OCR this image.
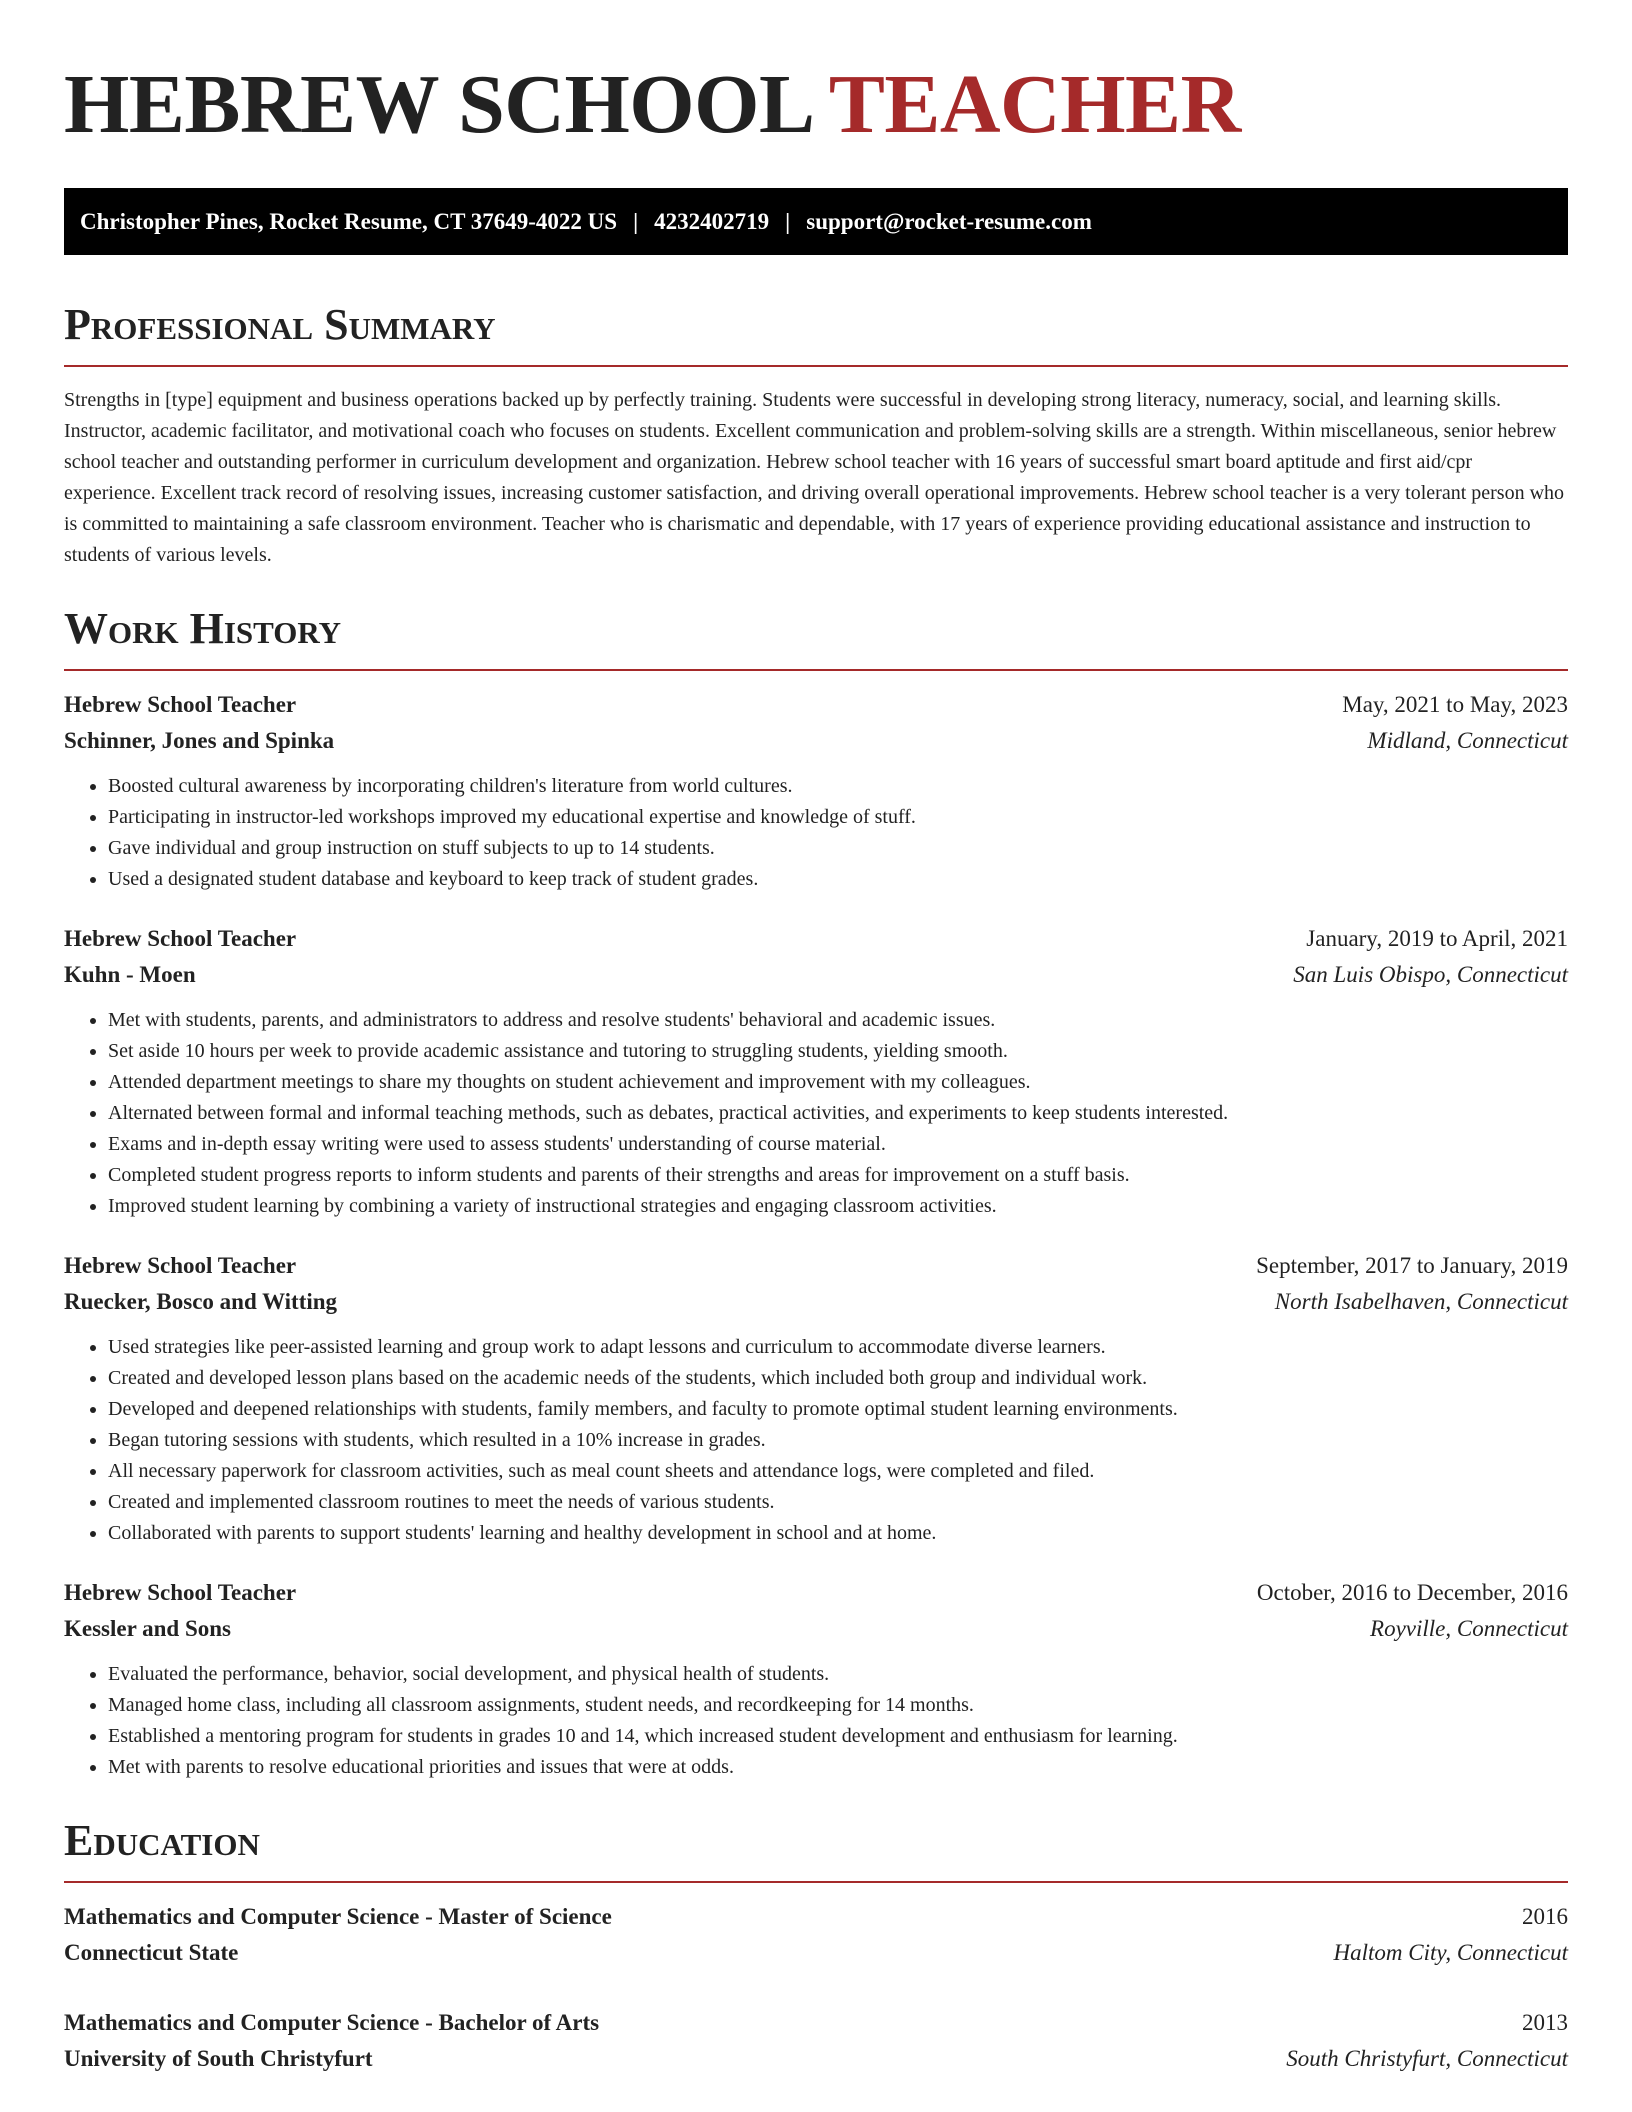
HEBREW SCHOOL TEACHER
Christopher Pines, Rocket Resume, CT 37649-4022 US | 4232402719 | support@rocket-resume.com
Professional Summary

Strengths in [type] equipment and business operations backed up by perfectly training. Students were successful in developing strong literacy, numeracy, social, and learning skills. Instructor, academic facilitator, and motivational coach who focuses on students. Excellent communication and problem-solving skills are a strength. Within miscellaneous, senior hebrew school teacher and outstanding performer in curriculum development and organization. Hebrew school teacher with 16 years of successful smart board aptitude and first aid/cpr experience. Excellent track record of resolving issues, increasing customer satisfaction, and driving overall operational improvements. Hebrew school teacher is a very tolerant person who is committed to maintaining a safe classroom environment. Teacher who is charismatic and dependable, with 17 years of experience providing educational assistance and instruction to students of various levels.

Work History
Hebrew School Teacher	May, 2021 to May, 2023
Schinner, Jones and Spinka	Midland, Connecticut
• Boosted cultural awareness by incorporating children's literature from world cultures.
• Participating in instructor-led workshops improved my educational expertise and knowledge of stuff.
• Gave individual and group instruction on stuff subjects to up to 14 students.
• Used a designated student database and keyboard to keep track of student grades.
Hebrew School Teacher	January, 2019 to April, 2021
Kuhn - Moen	San Luis Obispo, Connecticut
• Met with students, parents, and administrators to address and resolve students' behavioral and academic issues.
• Set aside 10 hours per week to provide academic assistance and tutoring to struggling students, yielding smooth.
• Attended department meetings to share my thoughts on student achievement and improvement with my colleagues.
• Alternated between formal and informal teaching methods, such as debates, practical activities, and experiments to keep students interested.
• Exams and in-depth essay writing were used to assess students' understanding of course material.
• Completed student progress reports to inform students and parents of their strengths and areas for improvement on a stuff basis.
• Improved student learning by combining a variety of instructional strategies and engaging classroom activities.
Hebrew School Teacher	September, 2017 to January, 2019
Ruecker, Bosco and Witting	North Isabelhaven, Connecticut
• Used strategies like peer-assisted learning and group work to adapt lessons and curriculum to accommodate diverse learners.
• Created and developed lesson plans based on the academic needs of the students, which included both group and individual work.
• Developed and deepened relationships with students, family members, and faculty to promote optimal student learning environments.
• Began tutoring sessions with students, which resulted in a 10% increase in grades.
• All necessary paperwork for classroom activities, such as meal count sheets and attendance logs, were completed and filed.
• Created and implemented classroom routines to meet the needs of various students.
• Collaborated with parents to support students' learning and healthy development in school and at home.
Hebrew School Teacher	October, 2016 to December, 2016
Kessler and Sons	Royville, Connecticut
• Evaluated the performance, behavior, social development, and physical health of students.
• Managed home class, including all classroom assignments, student needs, and recordkeeping for 14 months.
• Established a mentoring program for students in grades 10 and 14, which increased student development and enthusiasm for learning.
• Met with parents to resolve educational priorities and issues that were at odds.
Education
Mathematics and Computer Science - Master of Science	2016
Connecticut State	Haltom City, Connecticut
Mathematics and Computer Science - Bachelor of Arts	2013
University of South Christyfurt	South Christyfurt, Connecticut
